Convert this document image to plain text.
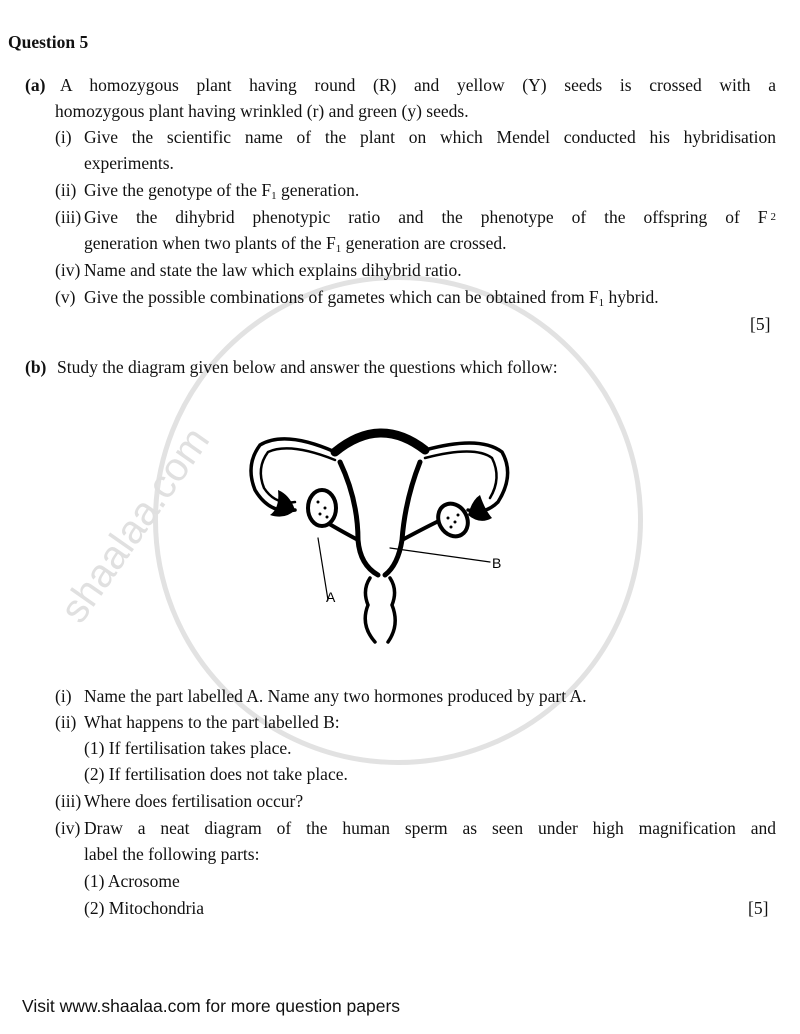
shaalaa.com
Question 5
(a) A homozygous plant having round (R) and yellow (Y) seeds is crossed with a
homozygous plant having wrinkled (r) and green (y) seeds.
(i) Give the scientific name of the plant on which Mendel conducted his hybridisation
experiments.
(ii) Give the genotype of the $F_1$ generation.
(iii) Give the dihybrid phenotypic ratio and the phenotype of the offspring of F $_2$
generation when two plants of the $F_1$ generation are crossed.
(iv) Name and state the law which explains dihybrid ratio.
(v) Give the possible combinations of gametes which can be obtained from $F_1$ hybrid.
[5]
(b) Study the diagram given below and answer the questions which follow:
A
B
(i) Name the part labelled A. Name any two hormones produced by part A.
(ii) What happens to the part labelled B:
(1) If fertilisation takes place.
(2) If fertilisation does not take place.
(iii) Where does fertilisation occur?
(iv) Draw a neat diagram of the human sperm as seen under high magnification and
label the following parts:
(1) Acrosome
(2) Mitochondria	[5]
Visit www.shaalaa.com for more question papers
